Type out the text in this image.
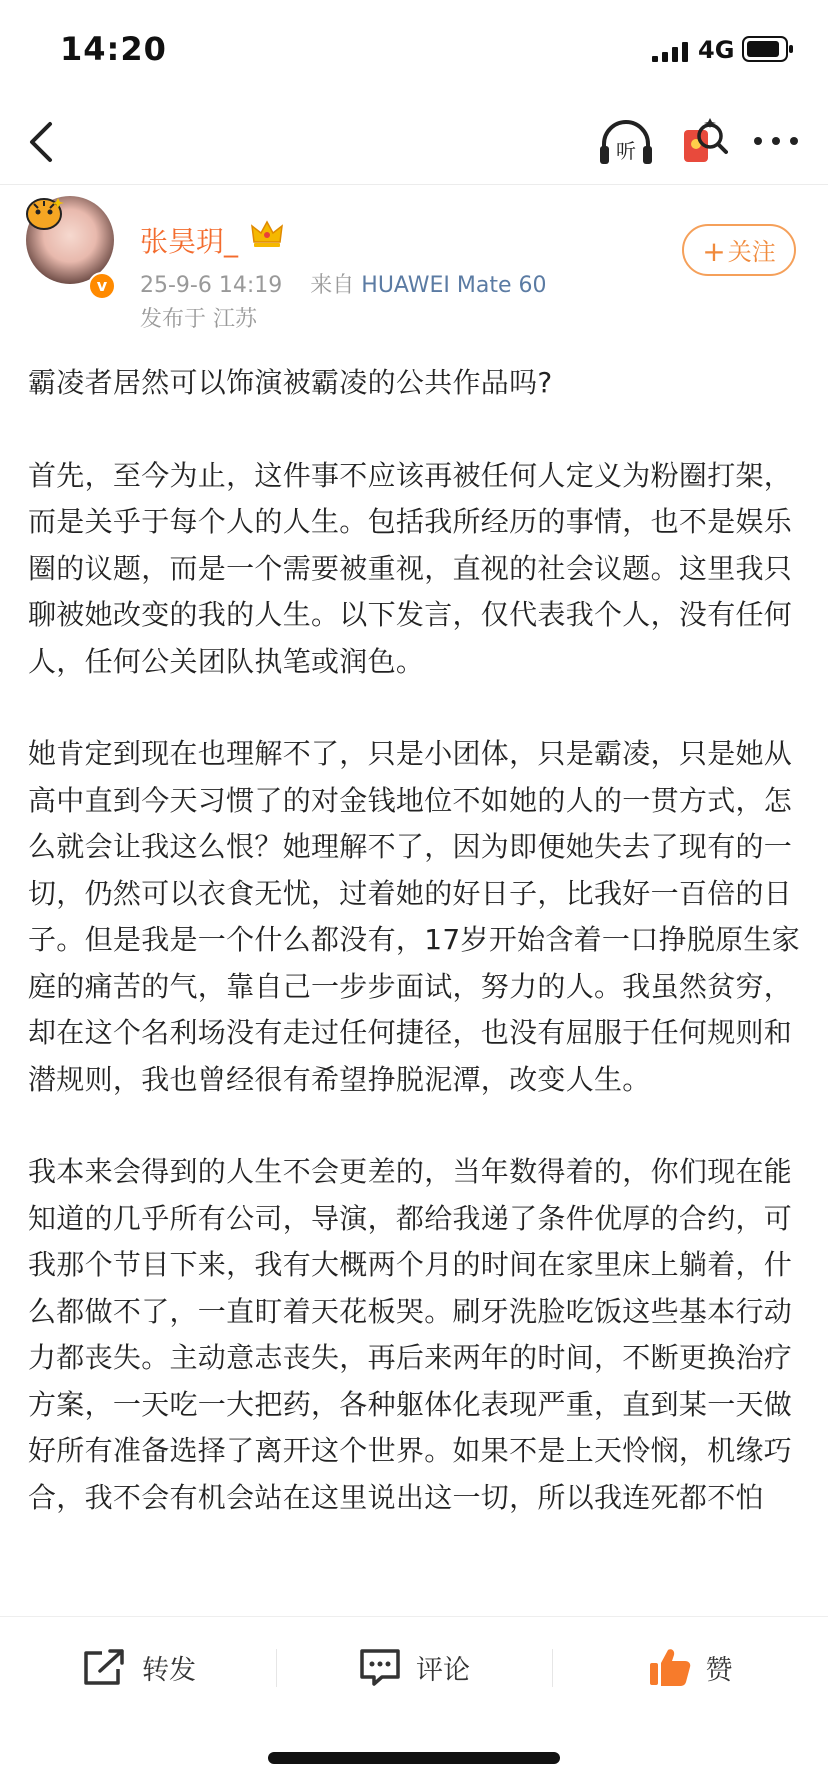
14:20	4G
听
v
张昊玥_
25-9-6 14:19 来自 HUAWEI Mate 60
发布于 江苏
+关注

霸凌者居然可以饰演被霸凌的公共作品吗?

首先，至今为止，这件事不应该再被任何人定义为粉圈打架，而是关乎于每个人的人生。包括我所经历的事情，也不是娱乐圈的议题，而是一个需要被重视，直视的社会议题。这里我只聊被她改变的我的人生。以下发言，仅代表我个人，没有任何人，任何公关团队执笔或润色。

她肯定到现在也理解不了，只是小团体，只是霸凌，只是她从高中直到今天习惯了的对金钱地位不如她的人的一贯方式，怎么就会让我这么恨？她理解不了，因为即便她失去了现有的一切，仍然可以衣食无忧，过着她的好日子，比我好一百倍的日子。但是我是一个什么都没有，17岁开始含着一口挣脱原生家庭的痛苦的气，靠自己一步步面试，努力的人。我虽然贫穷，却在这个名利场没有走过任何捷径，也没有屈服于任何规则和潜规则，我也曾经很有希望挣脱泥潭，改变人生。

我本来会得到的人生不会更差的，当年数得着的，你们现在能知道的几乎所有公司，导演，都给我递了条件优厚的合约，可我那个节目下来，我有大概两个月的时间在家里床上躺着，什么都做不了，一直盯着天花板哭。刷牙洗脸吃饭这些基本行动力都丧失。主动意志丧失，再后来两年的时间，不断更换治疗方案，一天吃一大把药，各种躯体化表现严重，直到某一天做好所有准备选择了离开这个世界。如果不是上天怜悯，机缘巧合，我不会有机会站在这里说出这一切，所以我连死都不怕

转发	评论	赞
